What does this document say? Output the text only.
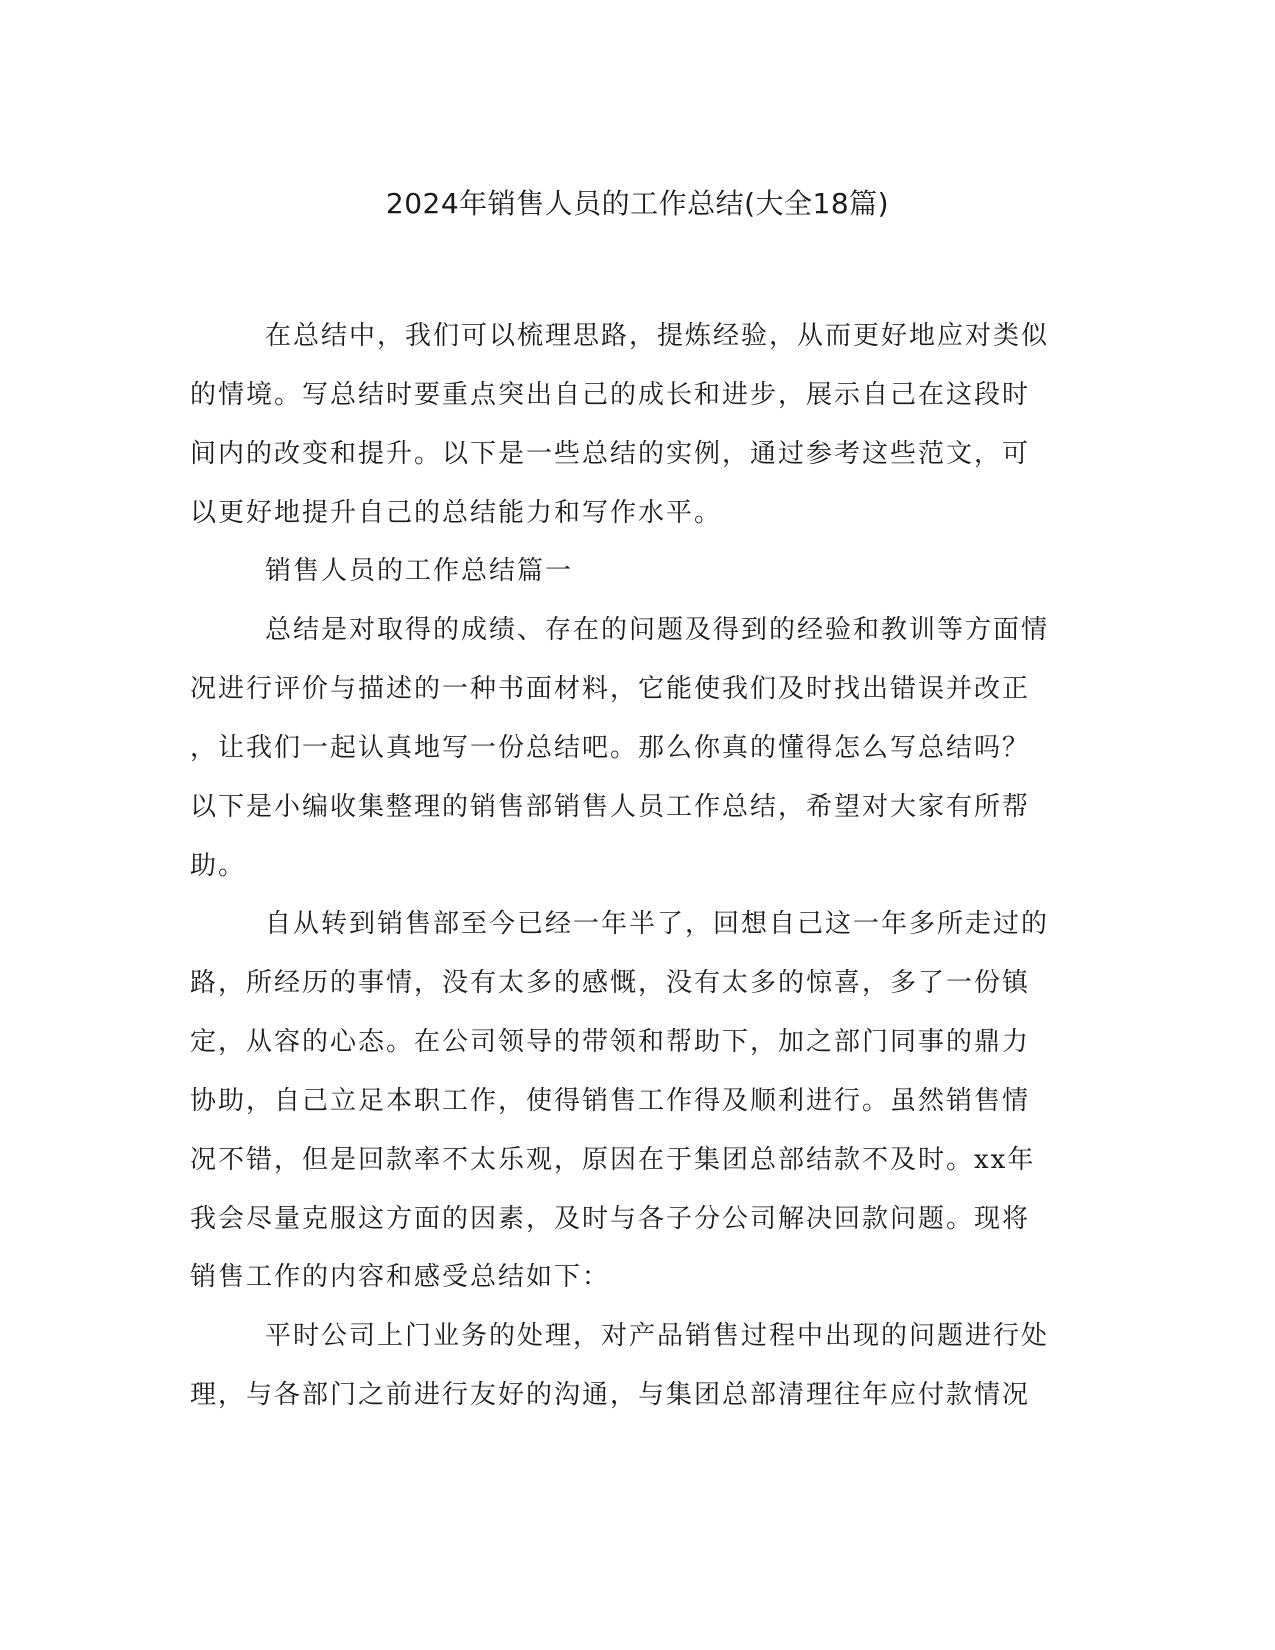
2024年销售人员的工作总结(大全18篇)
在总结中，我们可以梳理思路，提炼经验，从而更好地应对类似
的情境。写总结时要重点突出自己的成长和进步，展示自己在这段时
间内的改变和提升。以下是一些总结的实例，通过参考这些范文，可
以更好地提升自己的总结能力和写作水平。
销售人员的工作总结篇一
总结是对取得的成绩、存在的问题及得到的经验和教训等方面情
况进行评价与描述的一种书面材料，它能使我们及时找出错误并改正
，让我们一起认真地写一份总结吧。那么你真的懂得怎么写总结吗？
以下是小编收集整理的销售部销售人员工作总结，希望对大家有所帮
助。
自从转到销售部至今已经一年半了，回想自己这一年多所走过的
路，所经历的事情，没有太多的感慨，没有太多的惊喜，多了一份镇
定，从容的心态。在公司领导的带领和帮助下，加之部门同事的鼎力
协助，自己立足本职工作，使得销售工作得及顺利进行。虽然销售情
况不错，但是回款率不太乐观，原因在于集团总部结款不及时。xx年
我会尽量克服这方面的因素，及时与各子分公司解决回款问题。现将
销售工作的内容和感受总结如下：
平时公司上门业务的处理，对产品销售过程中出现的问题进行处
理，与各部门之前进行友好的沟通，与集团总部清理往年应付款情况
